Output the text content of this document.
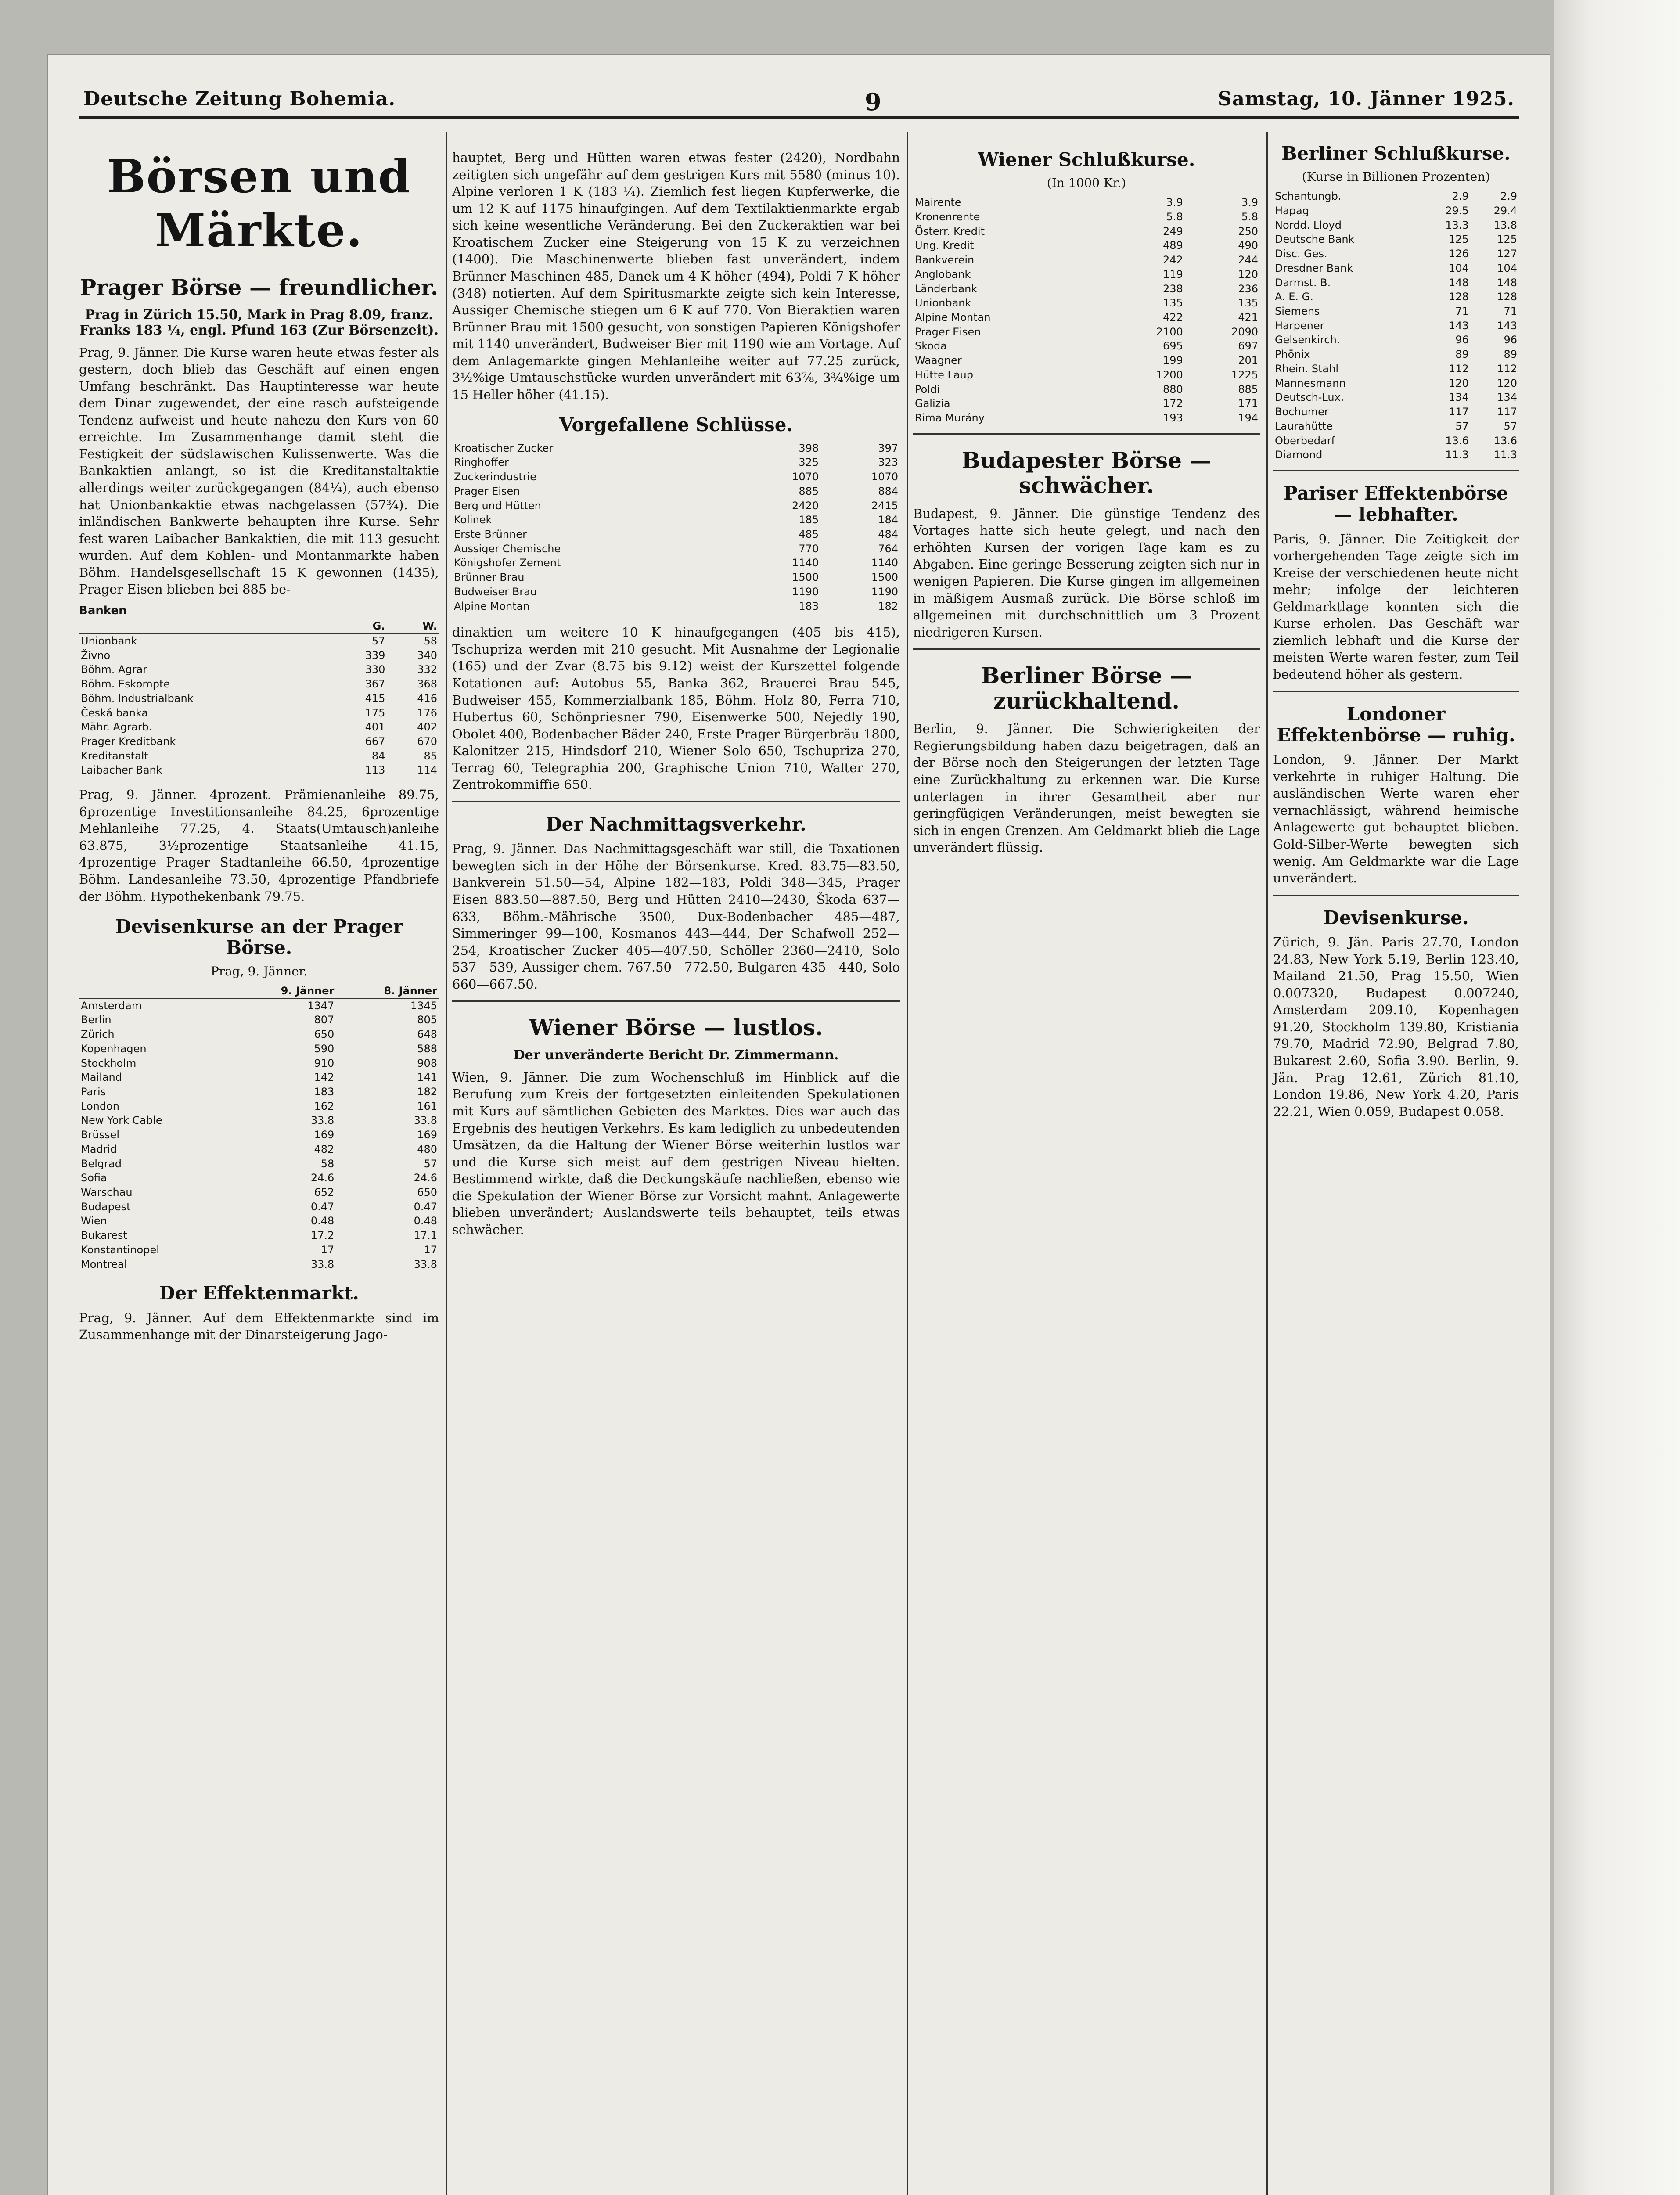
Deutsche Zeitung Bohemia.	9	Samstag, 10. Jänner 1925.
Börsen und Märkte.
Prager Börse — freundlicher.
Prag in Zürich 15.50, Mark in Prag 8.09, franz. Franks 183 ¼, engl. Pfund 163 (Zur Börsenzeit).

Prag, 9. Jänner. Die Kurse waren heute etwas fester als gestern, doch blieb das Geschäft auf einen engen Umfang beschränkt. Das Hauptinteresse war heute dem Dinar zugewendet, der eine rasch aufsteigende Tendenz aufweist und heute nahezu den Kurs von 60 erreichte. Im Zusammenhange damit steht die Festigkeit der südslawischen Kulissenwerte. Was die Bankaktien anlangt, so ist die Kreditanstaltaktie allerdings weiter zurückgegangen (84¼), auch ebenso hat Unionbankaktie etwas nachgelassen (57¾). Die inländischen Bankwerte behaupten ihre Kurse. Sehr fest waren Laibacher Bankaktien, die mit 113 gesucht wurden. Auf dem Kohlen- und Montanmarkte haben Böhm. Handelsgesellschaft 15 K gewonnen (1435), Prager Eisen blieben bei 885 be-

Banken
	G.	W.
Unionbank	57	58
Živno	339	340
Böhm. Agrar	330	332
Böhm. Eskompte	367	368
Böhm. Industrialbank	415	416
Česká banka	175	176
Mähr. Agrarb.	401	402
Prager Kreditbank	667	670
Kreditanstalt	84	85
Laibacher Bank	113	114

Prag, 9. Jänner. 4prozent. Prämienanleihe 89.75, 6prozentige Investitionsanleihe 84.25, 6prozentige Mehlanleihe 77.25, 4. Staats(Umtausch)anleihe 63.875, 3½prozentige Staatsanleihe 41.15, 4prozentige Prager Stadtanleihe 66.50, 4prozentige Böhm. Landesanleihe 73.50, 4prozentige Pfandbriefe der Böhm. Hypothekenbank 79.75.

Devisenkurse an der Prager Börse.
Prag, 9. Jänner.
	9. Jänner	8. Jänner
Amsterdam	1347	1345
Berlin	807	805
Zürich	650	648
Kopenhagen	590	588
Stockholm	910	908
Mailand	142	141
Paris	183	182
London	162	161
New York Cable	33.8	33.8
Brüssel	169	169
Madrid	482	480
Belgrad	58	57
Sofia	24.6	24.6
Warschau	652	650
Budapest	0.47	0.47
Wien	0.48	0.48
Bukarest	17.2	17.1
Konstantinopel	17	17
Montreal	33.8	33.8
Der Effektenmarkt.

Prag, 9. Jänner. Auf dem Effektenmarkte sind im Zusammenhange mit der Dinarsteigerung Jago-

hauptet, Berg und Hütten waren etwas fester (2420), Nordbahn zeitigten sich ungefähr auf dem gestrigen Kurs mit 5580 (minus 10). Alpine verloren 1 K (183 ¼). Ziemlich fest liegen Kupferwerke, die um 12 K auf 1175 hinaufgingen. Auf dem Textilaktienmarkte ergab sich keine wesentliche Veränderung. Bei den Zuckeraktien war bei Kroatischem Zucker eine Steigerung von 15 K zu verzeichnen (1400). Die Maschinenwerte blieben fast unverändert, indem Brünner Maschinen 485, Danek um 4 K höher (494), Poldi 7 K höher (348) notierten. Auf dem Spiritusmarkte zeigte sich kein Interesse, Aussiger Chemische stiegen um 6 K auf 770. Von Bieraktien waren Brünner Brau mit 1500 gesucht, von sonstigen Papieren Königshofer mit 1140 unverändert, Budweiser Bier mit 1190 wie am Vortage. Auf dem Anlagemarkte gingen Mehlanleihe weiter auf 77.25 zurück, 3½%ige Umtauschstücke wurden unverändert mit 63⅞, 3¾%ige um 15 Heller höher (41.15).

Vorgefallene Schlüsse.
Kroatischer Zucker	398	397
Ringhoffer	325	323
Zuckerindustrie	1070	1070
Prager Eisen	885	884
Berg und Hütten	2420	2415
Kolinek	185	184
Erste Brünner	485	484
Aussiger Chemische	770	764
Königshofer Zement	1140	1140
Brünner Brau	1500	1500
Budweiser Brau	1190	1190
Alpine Montan	183	182

dinaktien um weitere 10 K hinaufgegangen (405 bis 415), Tschupriza werden mit 210 gesucht. Mit Ausnahme der Legionalie (165) und der Zvar (8.75 bis 9.12) weist der Kurszettel folgende Kotationen auf: Autobus 55, Banka 362, Brauerei Brau 545, Budweiser 455, Kommerzialbank 185, Böhm. Holz 80, Ferra 710, Hubertus 60, Schönpriesner 790, Eisenwerke 500, Nejedly 190, Obolet 400, Bodenbacher Bäder 240, Erste Prager Bürgerbräu 1800, Kalonitzer 215, Hindsdorf 210, Wiener Solo 650, Tschupriza 270, Terrag 60, Telegraphia 200, Graphische Union 710, Walter 270, Zentrokommiffie 650.

Der Nachmittagsverkehr.

Prag, 9. Jänner. Das Nachmittagsgeschäft war still, die Taxationen bewegten sich in der Höhe der Börsenkurse. Kred. 83.75—83.50, Bankverein 51.50—54, Alpine 182—183, Poldi 348—345, Prager Eisen 883.50—887.50, Berg und Hütten 2410—2430, Škoda 637—633, Böhm.-Mährische 3500, Dux-Bodenbacher 485—487, Simmeringer 99—100, Kosmanos 443—444, Der Schafwoll 252—254, Kroatischer Zucker 405—407.50, Schöller 2360—2410, Solo 537—539, Aussiger chem. 767.50—772.50, Bulgaren 435—440, Solo 660—667.50.

Wiener Börse — lustlos.
Der unveränderte Bericht Dr. Zimmermann.

Wien, 9. Jänner. Die zum Wochenschluß im Hinblick auf die Berufung zum Kreis der fortgesetzten einleitenden Spekulationen mit Kurs auf sämtlichen Gebieten des Marktes. Dies war auch das Ergebnis des heutigen Verkehrs. Es kam lediglich zu unbedeutenden Umsätzen, da die Haltung der Wiener Börse weiterhin lustlos war und die Kurse sich meist auf dem gestrigen Niveau hielten. Bestimmend wirkte, daß die Deckungskäufe nachließen, ebenso wie die Spekulation der Wiener Börse zur Vorsicht mahnt. Anlagewerte blieben unverändert; Auslandswerte teils behauptet, teils etwas schwächer.

Wiener Schlußkurse.
(In 1000 Kr.)
Mairente	3.9	3.9
Kronenrente	5.8	5.8
Österr. Kredit	249	250
Ung. Kredit	489	490
Bankverein	242	244
Anglobank	119	120
Länderbank	238	236
Unionbank	135	135
Alpine Montan	422	421
Prager Eisen	2100	2090
Skoda	695	697
Waagner	199	201
Hütte Laup	1200	1225
Poldi	880	885
Galizia	172	171
Rima Murány	193	194
Budapester Börse — schwächer.

Budapest, 9. Jänner. Die günstige Tendenz des Vortages hatte sich heute gelegt, und nach den erhöhten Kursen der vorigen Tage kam es zu Abgaben. Eine geringe Besserung zeigten sich nur in wenigen Papieren. Die Kurse gingen im allgemeinen in mäßigem Ausmaß zurück. Die Börse schloß im allgemeinen mit durchschnittlich um 3 Prozent niedrigeren Kursen.

Berliner Börse — zurückhaltend.

Berlin, 9. Jänner. Die Schwierigkeiten der Regierungsbildung haben dazu beigetragen, daß an der Börse noch den Steigerungen der letzten Tage eine Zurückhaltung zu erkennen war. Die Kurse unterlagen in ihrer Gesamtheit aber nur geringfügigen Veränderungen, meist bewegten sie sich in engen Grenzen. Am Geldmarkt blieb die Lage unverändert flüssig.

Berliner Schlußkurse.
(Kurse in Billionen Prozenten)
Schantungb.	2.9	2.9
Hapag	29.5	29.4
Nordd. Lloyd	13.3	13.8
Deutsche Bank	125	125
Disc. Ges.	126	127
Dresdner Bank	104	104
Darmst. B.	148	148
A. E. G.	128	128
Siemens	71	71
Harpener	143	143
Gelsenkirch.	96	96
Phönix	89	89
Rhein. Stahl	112	112
Mannesmann	120	120
Deutsch-Lux.	134	134
Bochumer	117	117
Laurahütte	57	57
Oberbedarf	13.6	13.6
Diamond	11.3	11.3
Pariser Effektenbörse — lebhafter.

Paris, 9. Jänner. Die Zeitigkeit der vorhergehenden Tage zeigte sich im Kreise der verschiedenen heute nicht mehr; infolge der leichteren Geldmarktlage konnten sich die Kurse erholen. Das Geschäft war ziemlich lebhaft und die Kurse der meisten Werte waren fester, zum Teil bedeutend höher als gestern.

Londoner Effektenbörse — ruhig.

London, 9. Jänner. Der Markt verkehrte in ruhiger Haltung. Die ausländischen Werte waren eher vernachlässigt, während heimische Anlagewerte gut behauptet blieben. Gold-Silber-Werte bewegten sich wenig. Am Geldmarkte war die Lage unverändert.

Devisenkurse.

Zürich, 9. Jän. Paris 27.70, London 24.83, New York 5.19, Berlin 123.40, Mailand 21.50, Prag 15.50, Wien 0.007320, Budapest 0.007240, Amsterdam 209.10, Kopenhagen 91.20, Stockholm 139.80, Kristiania 79.70, Madrid 72.90, Belgrad 7.80, Bukarest 2.60, Sofia 3.90. Berlin, 9. Jän. Prag 12.61, Zürich 81.10, London 19.86, New York 4.20, Paris 22.21, Wien 0.059, Budapest 0.058.
